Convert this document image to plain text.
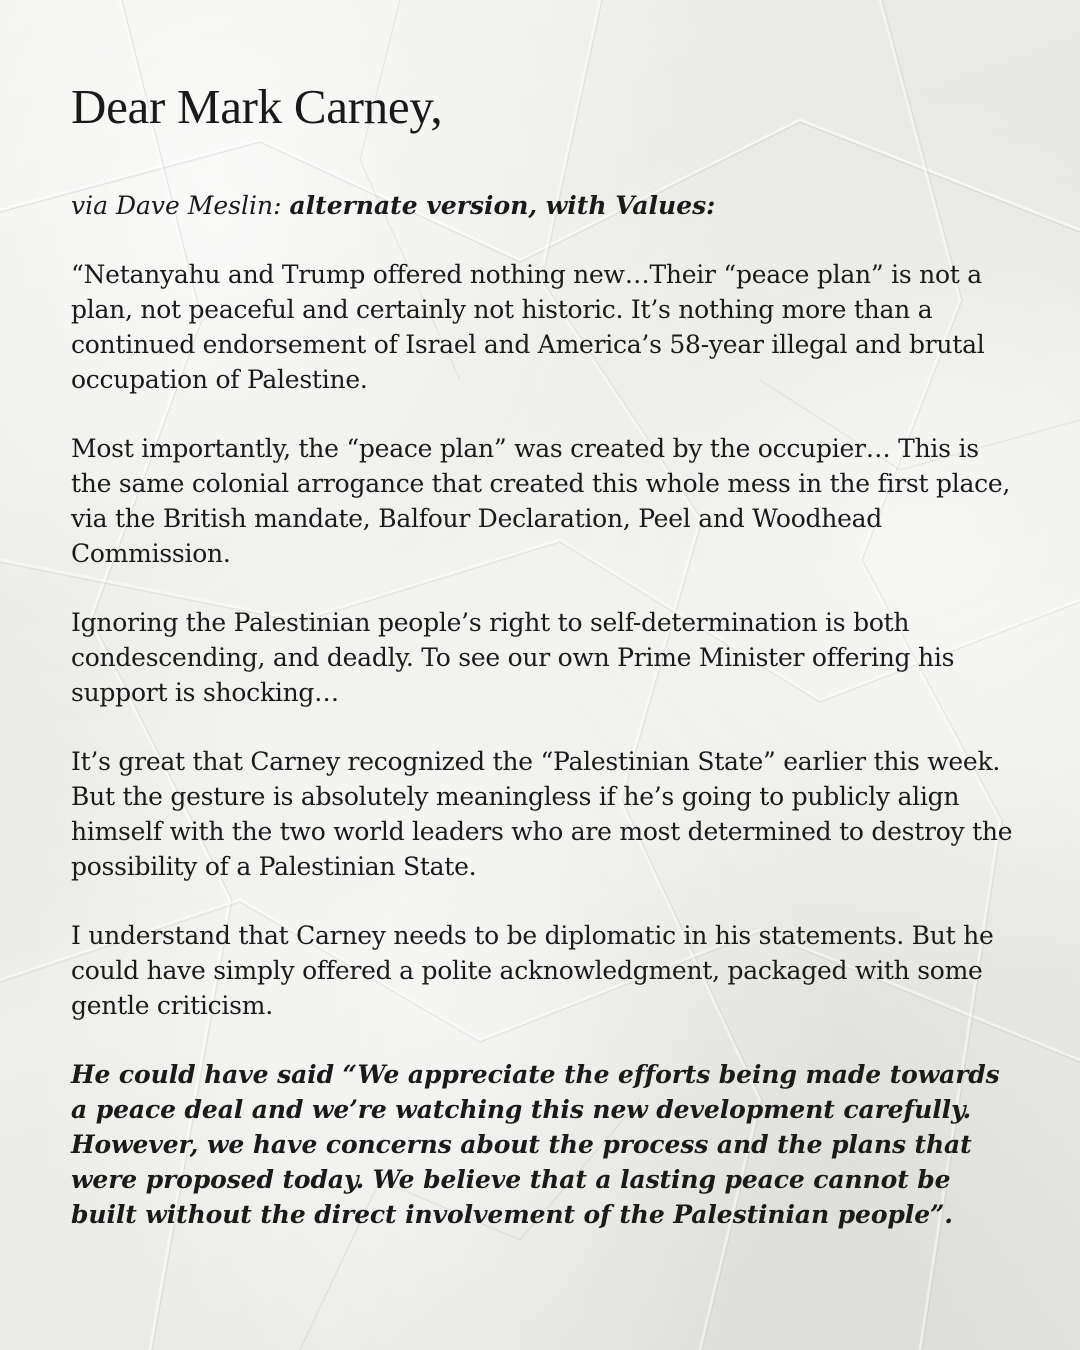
Dear Mark Carney,

via Dave Meslin: alternate version, with Values:

“Netanyahu and Trump offered nothing new…Their “peace plan” is not a plan, not peaceful and certainly not historic. It’s nothing more than a continued endorsement of Israel and America’s 58-year illegal and brutal occupation of Palestine.

Most importantly, the “peace plan” was created by the occupier… This is the same colonial arrogance that created this whole mess in the first place, via the British mandate, Balfour Declaration, Peel and Woodhead Commission.

Ignoring the Palestinian people’s right to self-determination is both condescending, and deadly. To see our own Prime Minister offering his support is shocking…

It’s great that Carney recognized the “Palestinian State” earlier this week. But the gesture is absolutely meaningless if he’s going to publicly align himself with the two world leaders who are most determined to destroy the possibility of a Palestinian State.

I understand that Carney needs to be diplomatic in his statements. But he could have simply offered a polite acknowledgment, packaged with some gentle criticism.

He could have said “We appreciate the efforts being made towards a peace deal and we’re watching this new development carefully. However, we have concerns about the process and the plans that were proposed today. We believe that a lasting peace cannot be built without the direct involvement of the Palestinian people”.
